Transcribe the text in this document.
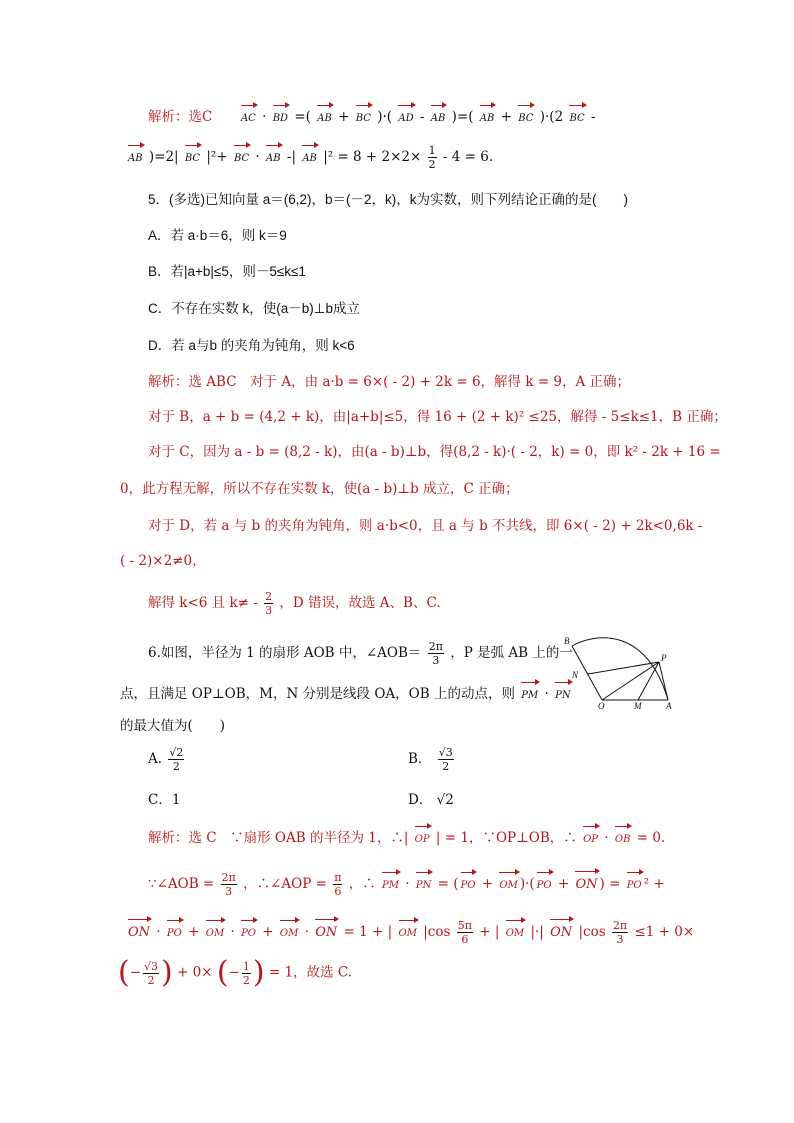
解析：选C	AC · BD =( AB + BC )·( AD - AB )=( AB + BC )·(2 BC -
AB )=2| BC |²+ BC · AB -| AB $|^2 = 8 + 2\times 2\times \frac{1}{2} - 4 = 6$.
5．(多选)已知向量 a＝(6,2)，b＝(－2，k)，k为实数，则下列结论正确的是(　　)
A．若 a·b＝6，则 k＝9
B．若|a+b|≤5，则－5≤k≤1
C．不存在实数 k，使(a－b)⊥b成立
D．若 a与b 的夹角为钝角，则 k<6
解析：选 ABC　对于 A，由 a·b = 6×( - 2) + 2k = 6，解得 k = 9，A 正确；
对于 B，a + b = (4,2 + k)，由|a+b|≤5，得 16 + (2 + k)² ≤25，解得 - 5≤k≤1，B 正确；
对于 C，因为 a - b = (8,2 - k)，由(a - b)⊥b，得(8,2 - k)·( - 2，k) = 0，即 k² - 2k + 16 =
0，此方程无解，所以不存在实数 k，使(a - b)⊥b 成立，C 正确；
对于 D，若 a 与 b 的夹角为钝角，则 a·b<0，且 a 与 b 不共线，即 6×( - 2) + 2k<0,6k -
( - 2)×2≠0，
解得 k<6 且 $k\ne - \frac{2}{3}$ ，D 错误，故选 A、B、C.
6.如图，半径为 1 的扇形 AOB 中，∠AOB＝ $\frac{2\pi}{3}$ ，P 是弧 AB 上的一
点，且满足 OP⊥OB，M，N 分别是线段 OA，OB 上的动点，则 PM · PN
的最大值为(　　)
B
N
P
O	M	A
A. $\frac{√2}{2}$	B． $\frac{√3}{2}$
C．1	D． √2
解析：选 C　∵扇形 OAB 的半径为 1，∴| OP | = 1，∵OP⊥OB，∴ OP · OB = 0.
∵∠AOB = $\frac{2\pi}{3}$ ，∴∠AOP = $\frac{\pi}{6}$ ，∴ PM · PN = ( PO + OM )·( PO + ON ) = PO ² +
ON · PO + OM · PO + OM · ON = 1 + | OM $|\cos \frac{5\pi}{6}$ + | OM |·| ON $|\cos \frac{2\pi}{3} \le 1 + 0\times$
(− $\frac{√3}{2}$ ) + 0× (− $\frac{1}{2}$ ) = 1，故选 C.
